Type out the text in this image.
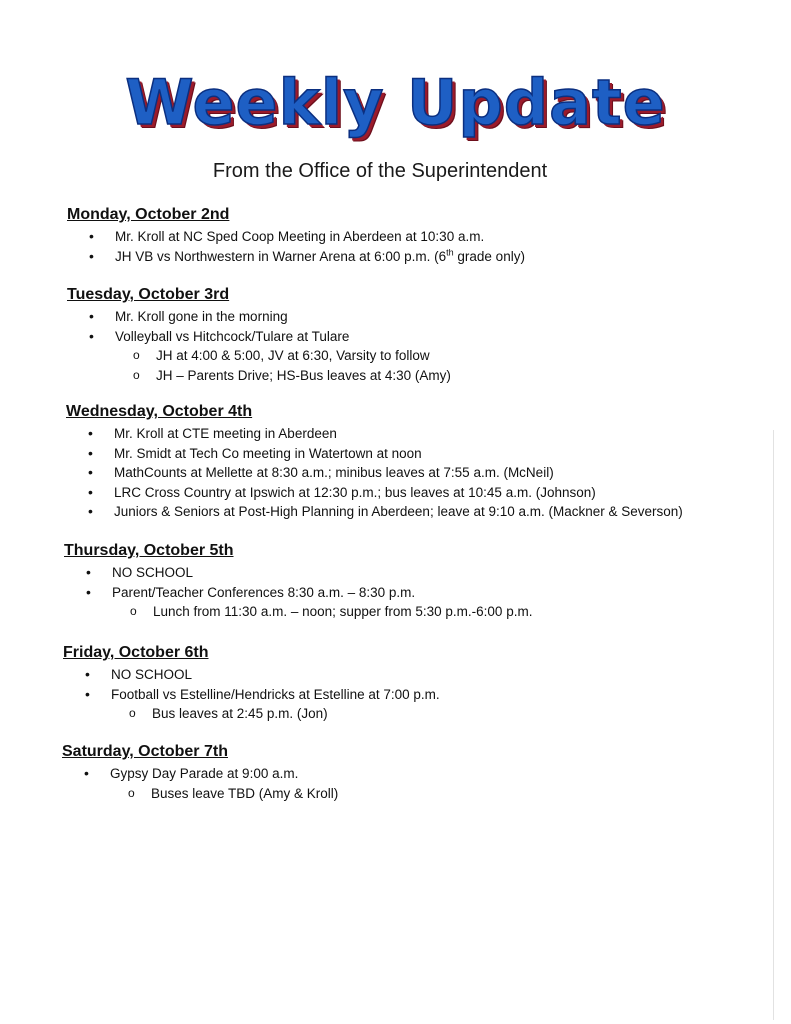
Weekly Update
From the Office of the Superintendent
Monday, October 2nd
• Mr. Kroll at NC Sped Coop Meeting in Aberdeen at 10:30 a.m.
• JH VB vs Northwestern in Warner Arena at 6:00 p.m. (6th grade only)
Tuesday, October 3rd
• Mr. Kroll gone in the morning
• Volleyball vs Hitchcock/Tulare at Tulare
o JH at 4:00 & 5:00, JV at 6:30, Varsity to follow
o JH – Parents Drive; HS-Bus leaves at 4:30 (Amy)
Wednesday, October 4th
• Mr. Kroll at CTE meeting in Aberdeen
• Mr. Smidt at Tech Co meeting in Watertown at noon
• MathCounts at Mellette at 8:30 a.m.; minibus leaves at 7:55 a.m. (McNeil)
• LRC Cross Country at Ipswich at 12:30 p.m.; bus leaves at 10:45 a.m. (Johnson)
• Juniors & Seniors at Post-High Planning in Aberdeen; leave at 9:10 a.m. (Mackner & Severson)
Thursday, October 5th
• NO SCHOOL
• Parent/Teacher Conferences 8:30 a.m. – 8:30 p.m.
o Lunch from 11:30 a.m. – noon; supper from 5:30 p.m.-6:00 p.m.
Friday, October 6th
• NO SCHOOL
• Football vs Estelline/Hendricks at Estelline at 7:00 p.m.
o Bus leaves at 2:45 p.m. (Jon)
Saturday, October 7th
• Gypsy Day Parade at 9:00 a.m.
o Buses leave TBD (Amy & Kroll)
